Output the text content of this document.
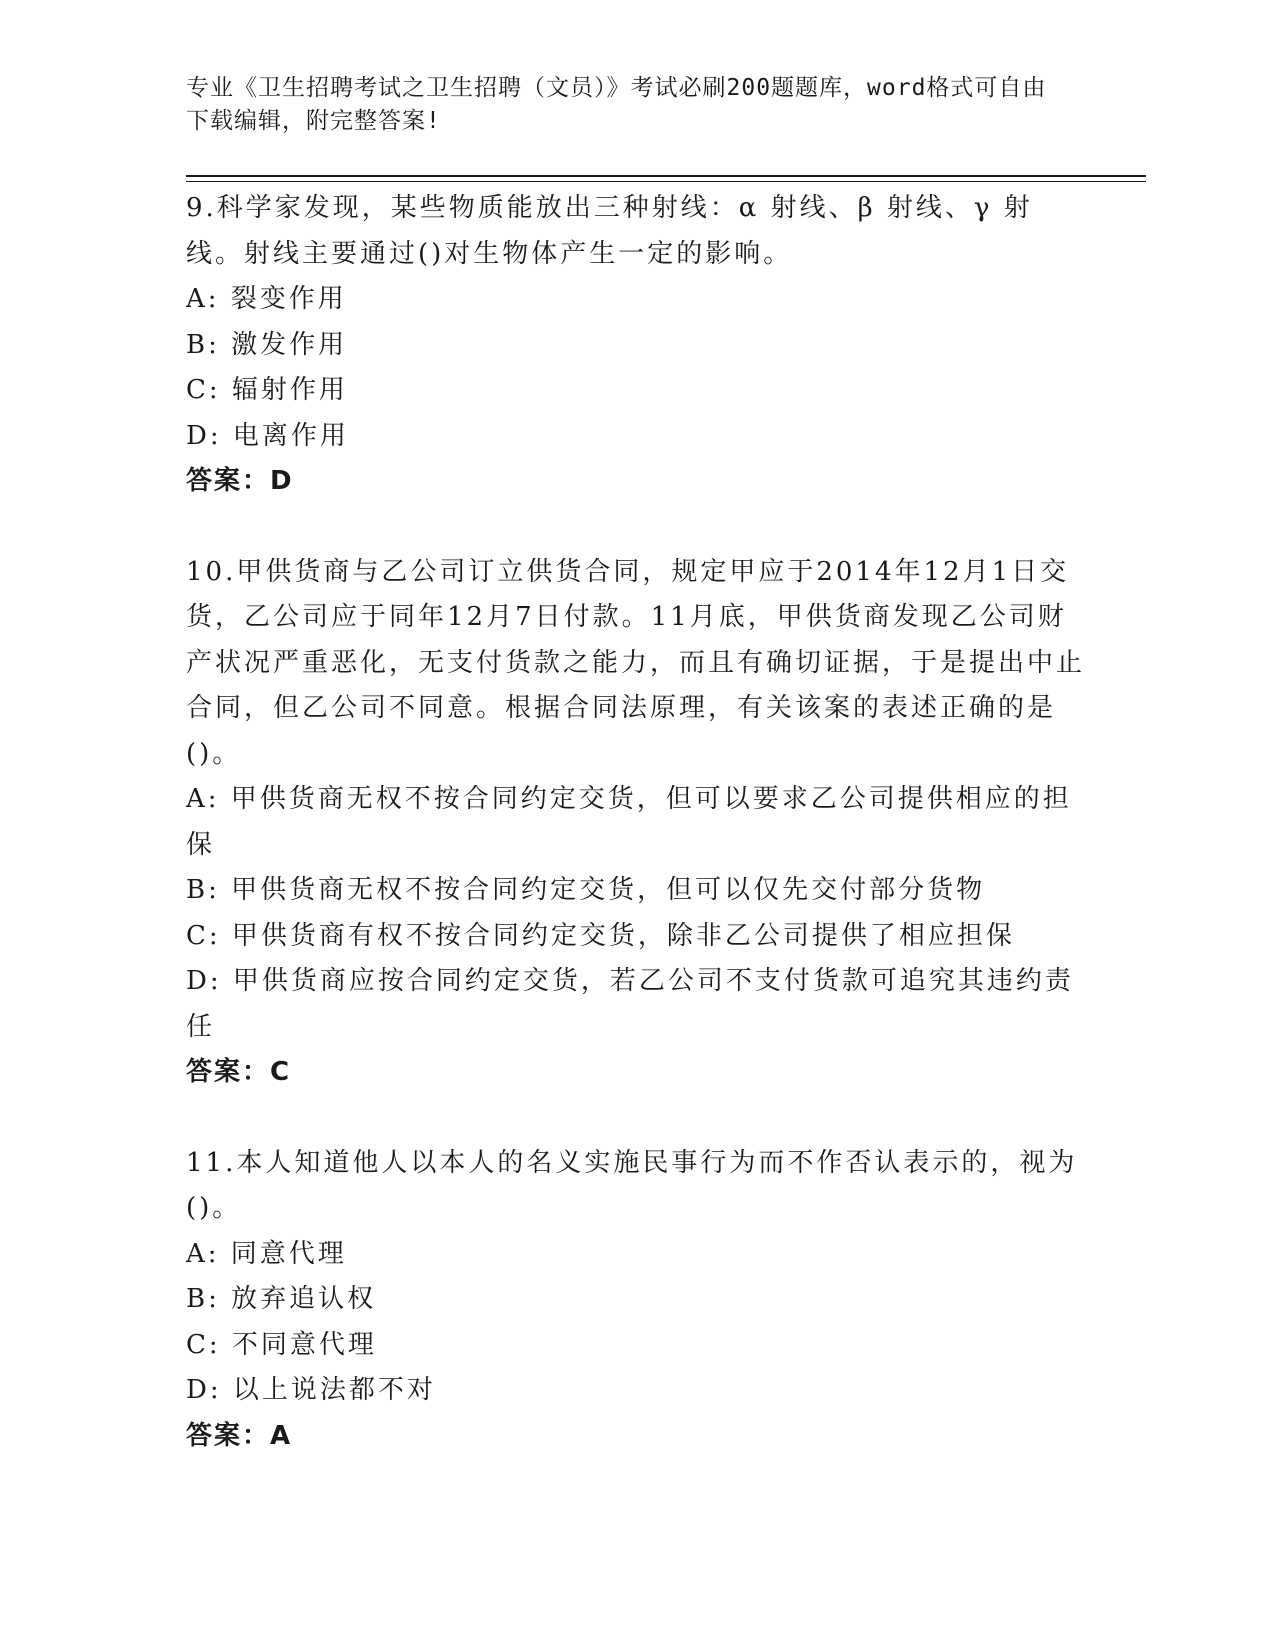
专业《卫生招聘考试之卫生招聘（文员）》考试必刷200题题库，word格式可自由下载编辑，附完整答案!
9.科学家发现，某些物质能放出三种射线：α 射线、β 射线、γ 射线。射线主要通过()对生物体产生一定的影响。
A: 裂变作用
B: 激发作用
C: 辐射作用
D: 电离作用
答案：D
10.甲供货商与乙公司订立供货合同，规定甲应于2014年12月1日交货，乙公司应于同年12月7日付款。11月底，甲供货商发现乙公司财产状况严重恶化，无支付货款之能力，而且有确切证据，于是提出中止合同，但乙公司不同意。根据合同法原理，有关该案的表述正确的是()。
A: 甲供货商无权不按合同约定交货，但可以要求乙公司提供相应的担保
B: 甲供货商无权不按合同约定交货，但可以仅先交付部分货物
C: 甲供货商有权不按合同约定交货，除非乙公司提供了相应担保
D: 甲供货商应按合同约定交货，若乙公司不支付货款可追究其违约责任
答案：C
11.本人知道他人以本人的名义实施民事行为而不作否认表示的，视为()。
A: 同意代理
B: 放弃追认权
C: 不同意代理
D: 以上说法都不对
答案：A
